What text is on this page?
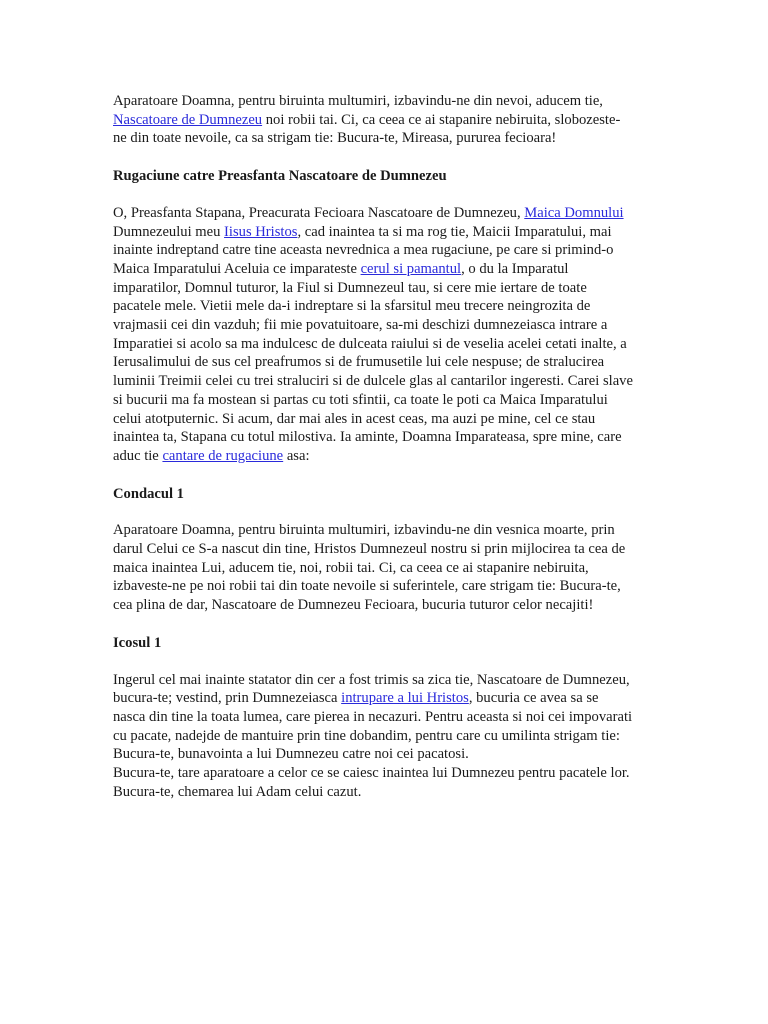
Aparatoare Doamna, pentru biruinta multumiri, izbavindu-ne din nevoi, aducem tie, Nascatoare de Dumnezeu noi robii tai. Ci, ca ceea ce ai stapanire nebiruita, slobozeste-ne din toate nevoile, ca sa strigam tie: Bucura-te, Mireasa, pururea fecioara!

Rugaciune catre Preasfanta Nascatoare de Dumnezeu

O, Preasfanta Stapana, Preacurata Fecioara Nascatoare de Dumnezeu, Maica Domnului Dumnezeului meu Iisus Hristos, cad inaintea ta si ma rog tie, Maicii Imparatului, mai inainte indreptand catre tine aceasta nevrednica a mea rugaciune, pe care si primind-o Maica Imparatului Aceluia ce imparateste cerul si pamantul, o du la Imparatul imparatilor, Domnul tuturor, la Fiul si Dumnezeul tau, si cere mie iertare de toate pacatele mele. Vietii mele da-i indreptare si la sfarsitul meu trecere neingrozita de vrajmasii cei din vazduh; fii mie povatuitoare, sa-mi deschizi dumnezeiasca intrare a Imparatiei si acolo sa ma indulcesc de dulceata raiului si de veselia acelei cetati inalte, a Ierusalimului de sus cel preafrumos si de frumusetile lui cele nespuse; de stralucirea luminii Treimii celei cu trei straluciri si de dulcele glas al cantarilor ingeresti. Carei slave si bucurii ma fa mostean si partas cu toti sfintii, ca toate le poti ca Maica Imparatului celui atotputernic. Si acum, dar mai ales in acest ceas, ma auzi pe mine, cel ce stau inaintea ta, Stapana cu totul milostiva. Ia aminte, Doamna Imparateasa, spre mine, care aduc tie cantare de rugaciune asa:

Condacul 1

Aparatoare Doamna, pentru biruinta multumiri, izbavindu-ne din vesnica moarte, prin darul Celui ce S-a nascut din tine, Hristos Dumnezeul nostru si prin mijlocirea ta cea de maica inaintea Lui, aducem tie, noi, robii tai. Ci, ca ceea ce ai stapanire nebiruita, izbaveste-ne pe noi robii tai din toate nevoile si suferintele, care strigam tie: Bucura-te, cea plina de dar, Nascatoare de Dumnezeu Fecioara, bucuria tuturor celor necajiti!

Icosul 1

Ingerul cel mai inainte statator din cer a fost trimis sa zica tie, Nascatoare de Dumnezeu, bucura-te; vestind, prin Dumnezeiasca intrupare a lui Hristos, bucuria ce avea sa se nasca din tine la toata lumea, care pierea in necazuri. Pentru aceasta si noi cei impovarati cu pacate, nadejde de mantuire prin tine dobandim, pentru care cu umilinta strigam tie:
Bucura-te, bunavointa a lui Dumnezeu catre noi cei pacatosi.
Bucura-te, tare aparatoare a celor ce se caiesc inaintea lui Dumnezeu pentru pacatele lor.
Bucura-te, chemarea lui Adam celui cazut.
